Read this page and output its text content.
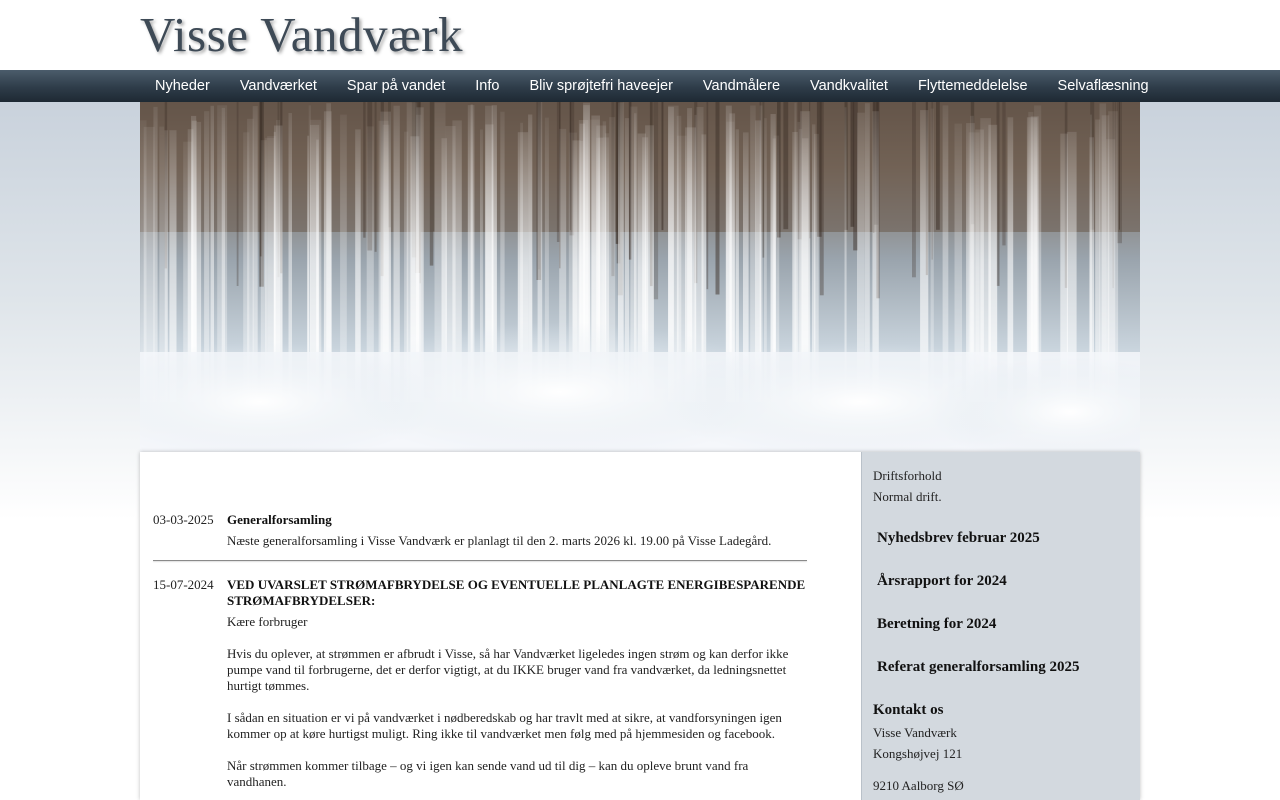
Visse Vandværk
Nyheder	Vandværket	Spar på vandet	Info	Bliv sprøjtefri haveejer	Vandmålere	Vandkvalitet	Flyttemeddelelse	Selvaflæsning
03-03-2025 Generalforsamling

Næste generalforsamling i Visse Vandværk er planlagt til den 2. marts 2026 kl. 19.00 på Visse Ladegård.

15-07-2024 VED UVARSLET STRØMAFBRYDELSE OG EVENTUELLE PLANLAGTE ENERGIBESPARENDE STRØMAFBRYDELSER:

Kære forbruger

Hvis du oplever, at strømmen er afbrudt i Visse, så har Vandværket ligeledes ingen strøm og kan derfor ikke pumpe vand til forbrugerne, det er derfor vigtigt, at du IKKE bruger vand fra vandværket, da ledningsnettet hurtigt tømmes.

I sådan en situation er vi på vandværket i nødberedskab og har travlt med at sikre, at vandforsyningen igen kommer op at køre hurtigst muligt. Ring ikke til vandværket men følg med på hjemmesiden og facebook.

Når strømmen kommer tilbage – og vi igen kan sende vand ud til dig – kan du opleve brunt vand fra vandhanen.

Driftsforhold
Normal drift.
Nyhedsbrev februar 2025
Årsrapport for 2024
Beretning for 2024
Referat generalforsamling 2025
Kontakt os
Visse Vandværk
Kongshøjvej 121
9210 Aalborg SØ
